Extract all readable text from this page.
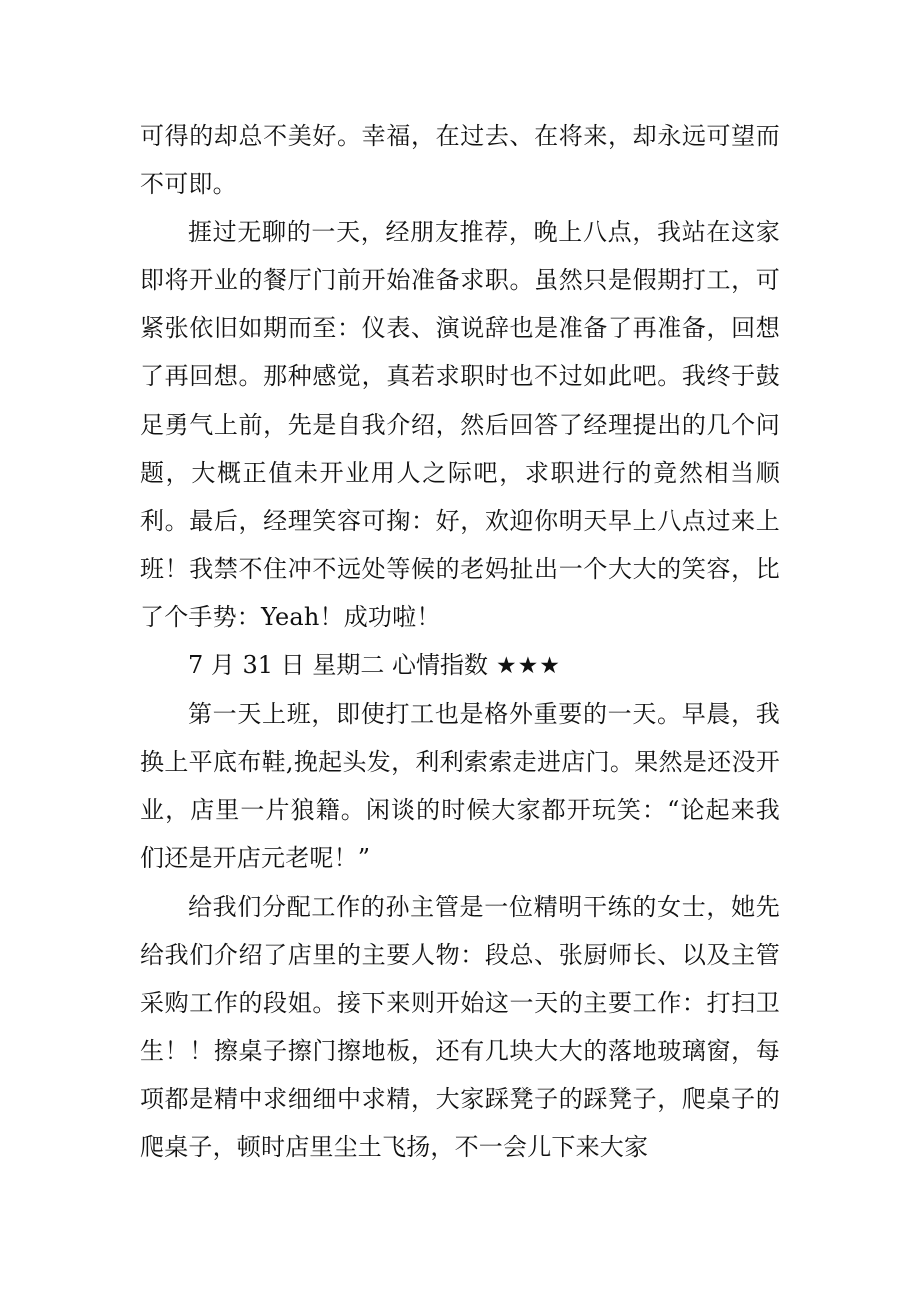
可得的却总不美好。幸福，在过去、在将来，却永远可望而不可即。

捱过无聊的一天，经朋友推荐，晚上八点，我站在这家即将开业的餐厅门前开始准备求职。虽然只是假期打工，可紧张依旧如期而至：仪表、演说辞也是准备了再准备，回想了再回想。那种感觉，真若求职时也不过如此吧。我终于鼓足勇气上前，先是自我介绍，然后回答了经理提出的几个问题，大概正值未开业用人之际吧，求职进行的竟然相当顺利。最后，经理笑容可掬：好，欢迎你明天早上八点过来上班！我禁不住冲不远处等候的老妈扯出一个大大的笑容，比了个手势：Yeah！成功啦！

7 月 31 日 星期二 心情指数 ★★★

第一天上班，即使打工也是格外重要的一天。早晨，我换上平底布鞋,挽起头发，利利索索走进店门。果然是还没开业，店里一片狼籍。闲谈的时候大家都开玩笑：“论起来我们还是开店元老呢！”

给我们分配工作的孙主管是一位精明干练的女士，她先给我们介绍了店里的主要人物：段总、张厨师长、以及主管采购工作的段姐。接下来则开始这一天的主要工作：打扫卫生！！擦桌子擦门擦地板，还有几块大大的落地玻璃窗，每项都是精中求细细中求精，大家踩凳子的踩凳子，爬桌子的爬桌子，顿时店里尘土飞扬，不一会儿下来大家
